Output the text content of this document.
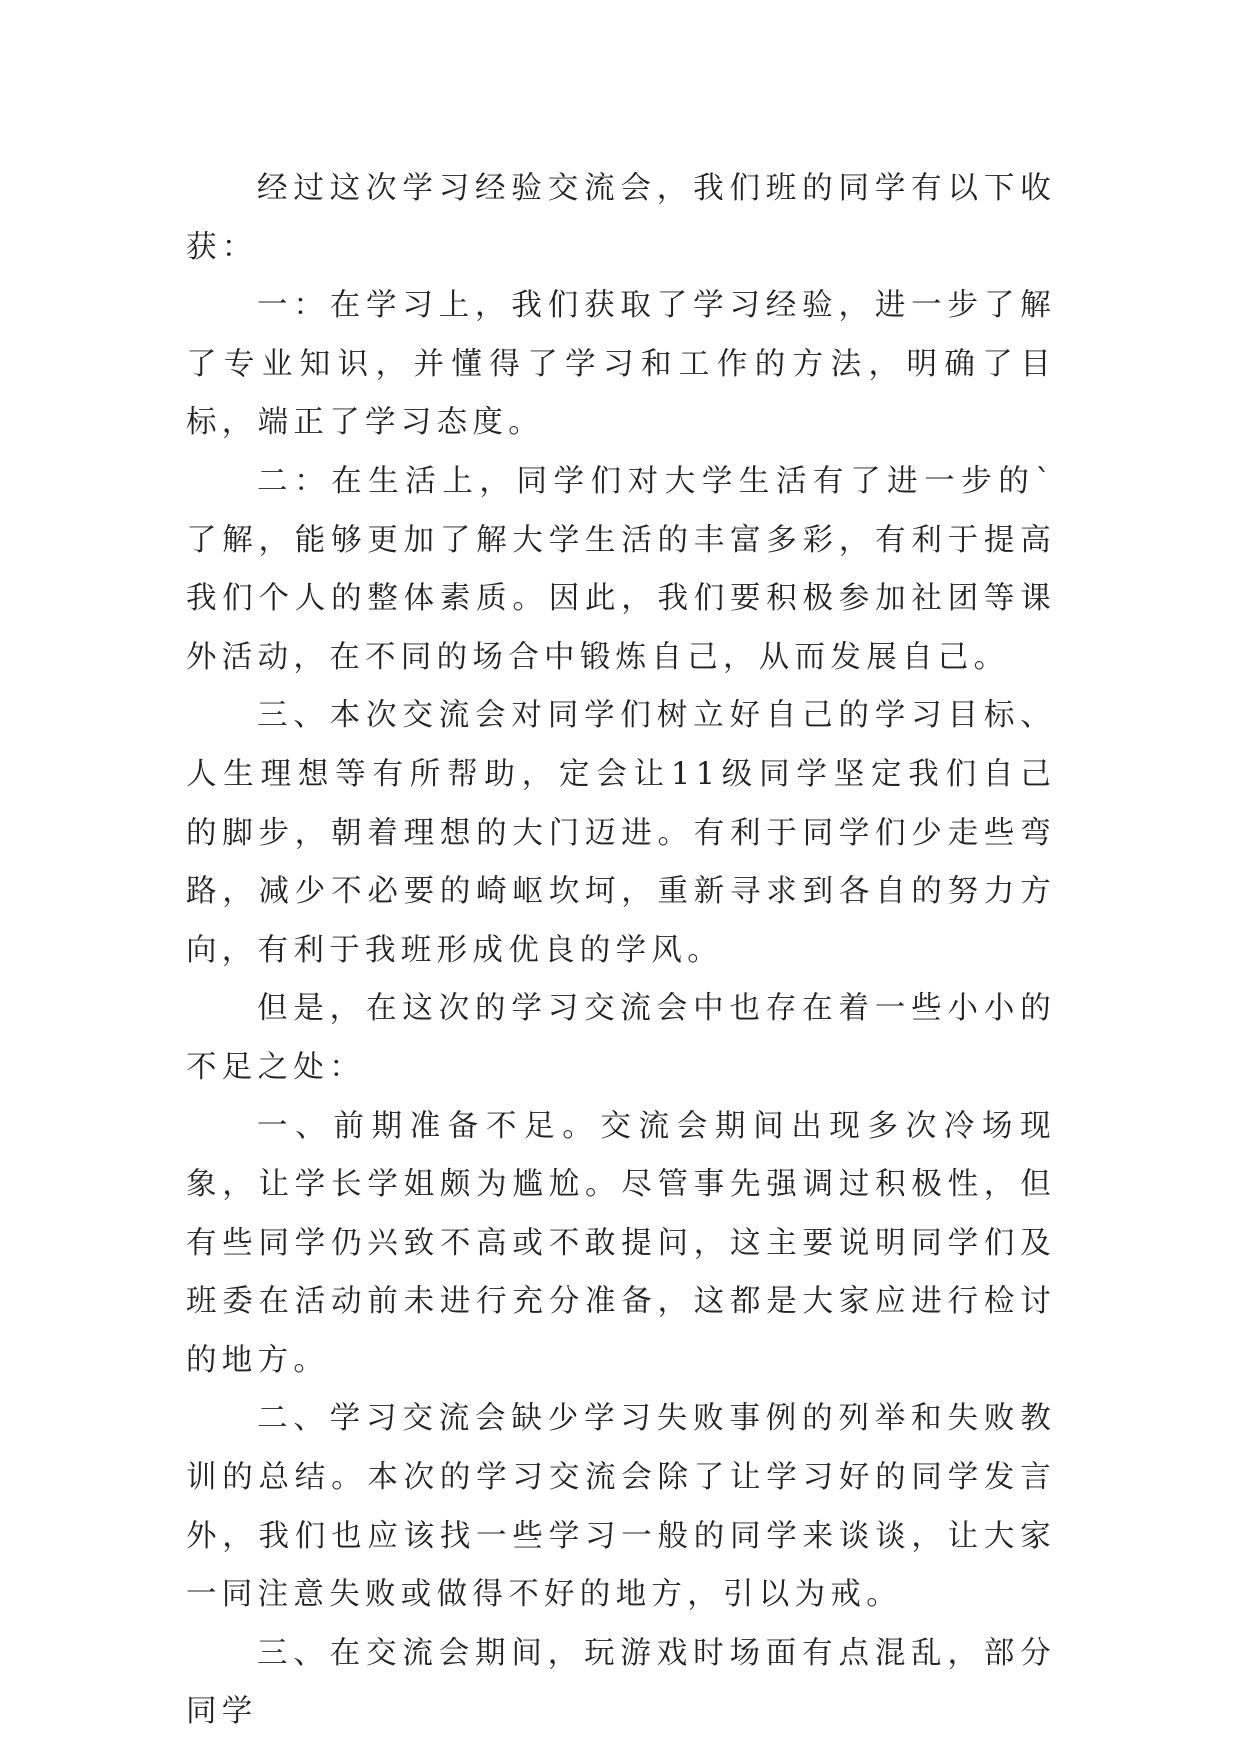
经过这次学习经验交流会，我们班的同学有以下收获：

一：在学习上，我们获取了学习经验，进一步了解了专业知识，并懂得了学习和工作的方法，明确了目标，端正了学习态度。

二：在生活上，同学们对大学生活有了进一步的`了解，能够更加了解大学生活的丰富多彩，有利于提高我们个人的整体素质。因此，我们要积极参加社团等课外活动，在不同的场合中锻炼自己，从而发展自己。

三、本次交流会对同学们树立好自己的学习目标、人生理想等有所帮助，定会让11级同学坚定我们自己的脚步，朝着理想的大门迈进。有利于同学们少走些弯路，减少不必要的崎岖坎坷，重新寻求到各自的努力方向，有利于我班形成优良的学风。

但是，在这次的学习交流会中也存在着一些小小的不足之处：

一、前期准备不足。交流会期间出现多次冷场现象，让学长学姐颇为尴尬。尽管事先强调过积极性，但有些同学仍兴致不高或不敢提问，这主要说明同学们及班委在活动前未进行充分准备，这都是大家应进行检讨的地方。

二、学习交流会缺少学习失败事例的列举和失败教训的总结。本次的学习交流会除了让学习好的同学发言外，我们也应该找一些学习一般的同学来谈谈，让大家一同注意失败或做得不好的地方，引以为戒。

三、在交流会期间，玩游戏时场面有点混乱，部分同学
